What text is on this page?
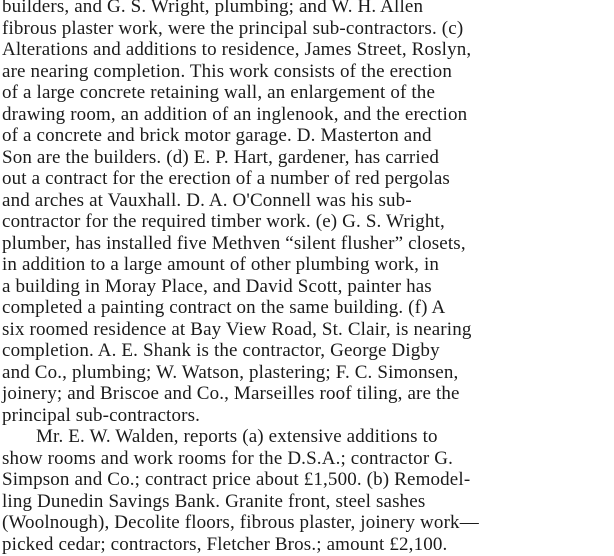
builders, and G. S. Wright, plumbing; and W. H. Allen
fibrous plaster work, were the principal sub-contractors. (c)
Alterations and additions to residence, James Street, Roslyn,
are nearing completion. This work consists of the erection
of a large concrete retaining wall, an enlargement of the
drawing room, an addition of an inglenook, and the erection
of a concrete and brick motor garage. D. Masterton and
Son are the builders. (d) E. P. Hart, gardener, has carried
out a contract for the erection of a number of red pergolas
and arches at Vauxhall. D. A. O'Connell was his sub-
contractor for the required timber work. (e) G. S. Wright,
plumber, has installed five Methven “silent flusher” closets,
in addition to a large amount of other plumbing work, in
a building in Moray Place, and David Scott, painter has
completed a painting contract on the same building. (f) A
six roomed residence at Bay View Road, St. Clair, is nearing
completion. A. E. Shank is the contractor, George Digby
and Co., plumbing; W. Watson, plastering; F. C. Simonsen,
joinery; and Briscoe and Co., Marseilles roof tiling, are the
principal sub-contractors.
Mr. E. W. Walden, reports (a) extensive additions to
show rooms and work rooms for the D.S.A.; contractor G.
Simpson and Co.; contract price about £1,500. (b) Remodel-
ling Dunedin Savings Bank. Granite front, steel sashes
(Woolnough), Decolite floors, fibrous plaster, joinery work—
picked cedar; contractors, Fletcher Bros.; amount £2,100.
